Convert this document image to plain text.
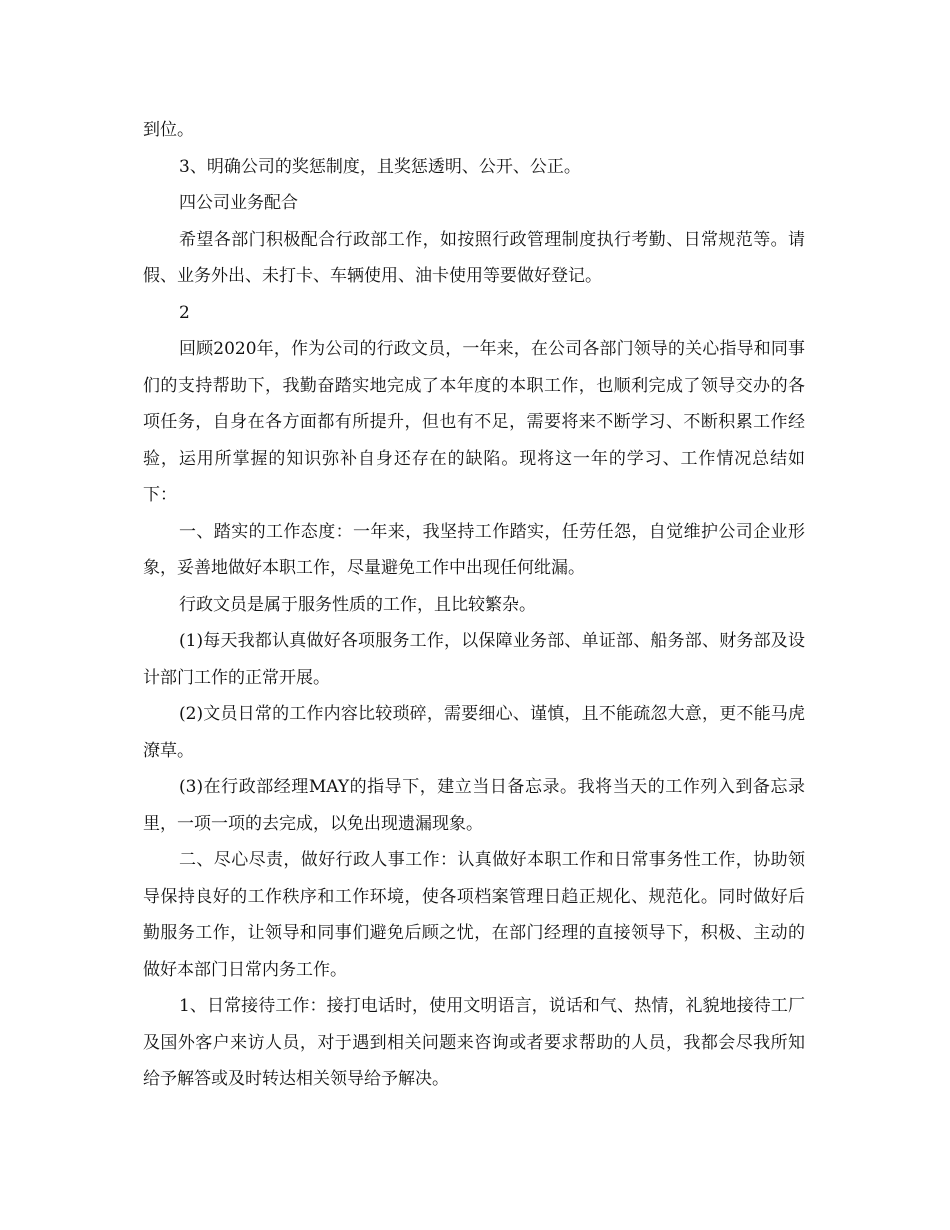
到位。

3、明确公司的奖惩制度，且奖惩透明、公开、公正。

四公司业务配合

希望各部门积极配合行政部工作，如按照行政管理制度执行考勤、日常规范等。请假、业务外出、未打卡、车辆使用、油卡使用等要做好登记。

2

回顾2020年，作为公司的行政文员，一年来，在公司各部门领导的关心指导和同事们的支持帮助下，我勤奋踏实地完成了本年度的本职工作，也顺利完成了领导交办的各项任务，自身在各方面都有所提升，但也有不足，需要将来不断学习、不断积累工作经验，运用所掌握的知识弥补自身还存在的缺陷。现将这一年的学习、工作情况总结如下：

一、踏实的工作态度：一年来，我坚持工作踏实，任劳任怨，自觉维护公司企业形象，妥善地做好本职工作，尽量避免工作中出现任何纰漏。

行政文员是属于服务性质的工作，且比较繁杂。

(1)每天我都认真做好各项服务工作，以保障业务部、单证部、船务部、财务部及设计部门工作的正常开展。

(2)文员日常的工作内容比较琐碎，需要细心、谨慎，且不能疏忽大意，更不能马虎潦草。

(3)在行政部经理MAY的指导下，建立当日备忘录。我将当天的工作列入到备忘录里，一项一项的去完成，以免出现遗漏现象。

二、尽心尽责，做好行政人事工作：认真做好本职工作和日常事务性工作，协助领导保持良好的工作秩序和工作环境，使各项档案管理日趋正规化、规范化。同时做好后勤服务工作，让领导和同事们避免后顾之忧，在部门经理的直接领导下，积极、主动的做好本部门日常内务工作。

1、日常接待工作：接打电话时，使用文明语言，说话和气、热情，礼貌地接待工厂及国外客户来访人员，对于遇到相关问题来咨询或者要求帮助的人员，我都会尽我所知给予解答或及时转达相关领导给予解决。
